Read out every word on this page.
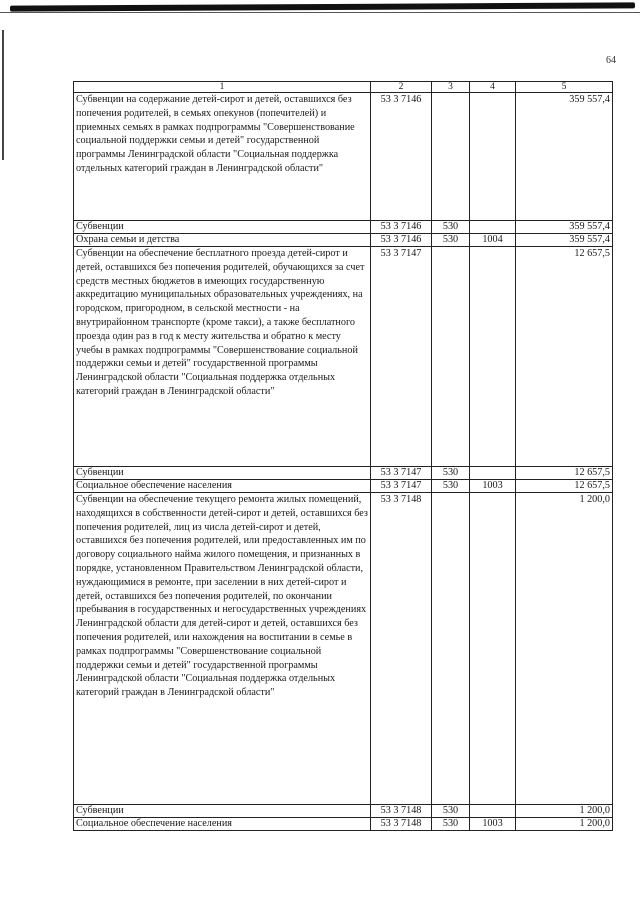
64
1	2	3	4	5
Субвенции на содержание детей-сирот и детей, оставшихся без попечения родителей, в семьях опекунов (попечителей) и приемных семьях в рамках подпрограммы "Совершенствование социальной поддержки семьи и детей" государственной программы Ленинградской области "Социальная поддержка отдельных категорий граждан в Ленинградской области"	53 3 7146			359 557,4
Субвенции	53 3 7146	530		359 557,4
Охрана семьи и детства	53 3 7146	530	1004	359 557,4
Субвенции на обеспечение бесплатного проезда детей-сирот и детей, оставшихся без попечения родителей, обучающихся за счет средств местных бюджетов в имеющих государственную аккредитацию муниципальных образовательных учреждениях, на городском, пригородном, в сельской местности - на внутрирайонном транспорте (кроме такси), а также бесплатного проезда один раз в год к месту жительства и обратно к месту учебы в рамках подпрограммы "Совершенствование социальной поддержки семьи и детей" государственной программы Ленинградской области "Социальная поддержка отдельных категорий граждан в Ленинградской области"	53 3 7147			12 657,5
Субвенции	53 3 7147	530		12 657,5
Социальное обеспечение населения	53 3 7147	530	1003	12 657,5
Субвенции на обеспечение текущего ремонта жилых помещений, находящихся в собственности детей-сирот и детей, оставшихся без попечения родителей, лиц из числа детей-сирот и детей, оставшихся без попечения родителей, или предоставленных им по договору социального найма жилого помещения, и признанных в порядке, установленном Правительством Ленинградской области, нуждающимися в ремонте, при заселении в них детей-сирот и детей, оставшихся без попечения родителей, по окончании пребывания в государственных и негосударственных учреждениях Ленинградской области для детей-сирот и детей, оставшихся без попечения родителей, или нахождения на воспитании в семье в рамках подпрограммы "Совершенствование социальной поддержки семьи и детей" государственной программы Ленинградской области "Социальная поддержка отдельных категорий граждан в Ленинградской области"	53 3 7148			1 200,0
Субвенции	53 3 7148	530		1 200,0
Социальное обеспечение населения	53 3 7148	530	1003	1 200,0
